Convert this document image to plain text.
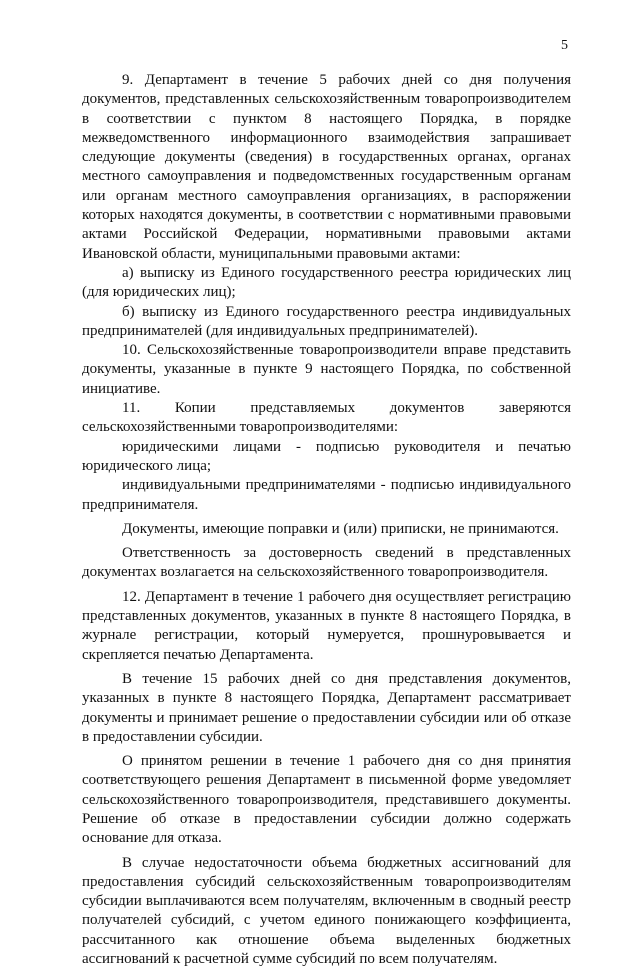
5

9. Департамент в течение 5 рабочих дней со дня получения документов, представленных сельскохозяйственным товаропроизводителем в соответствии с пунктом 8 настоящего Порядка, в порядке межведомственного информационного взаимодействия запрашивает следующие документы (сведения) в государственных органах, органах местного самоуправления и подведомственных государственным органам или органам местного самоуправления организациях, в распоряжении которых находятся документы, в соответствии с нормативными правовыми актами Российской Федерации, нормативными правовыми актами Ивановской области, муниципальными правовыми актами:

а) выписку из Единого государственного реестра юридических лиц (для юридических лиц);

б) выписку из Единого государственного реестра индивидуальных предпринимателей (для индивидуальных предпринимателей).

10. Сельскохозяйственные товаропроизводители вправе представить документы, указанные в пункте 9 настоящего Порядка, по собственной инициативе.

11. Копии представляемых документов заверяются сельскохозяйственными товаропроизводителями:

юридическими лицами - подписью руководителя и печатью юридического лица;

индивидуальными предпринимателями - подписью индивидуального предпринимателя.

Документы, имеющие поправки и (или) приписки, не принимаются.

Ответственность за достоверность сведений в представленных документах возлагается на сельскохозяйственного товаропроизводителя.

12. Департамент в течение 1 рабочего дня осуществляет регистрацию представленных документов, указанных в пункте 8 настоящего Порядка, в журнале регистрации, который нумеруется, прошнуровывается и скрепляется печатью Департамента.

В течение 15 рабочих дней со дня представления документов, указанных в пункте 8 настоящего Порядка, Департамент рассматривает документы и принимает решение о предоставлении субсидии или об отказе в предоставлении субсидии.

О принятом решении в течение 1 рабочего дня со дня принятия соответствующего решения Департамент в письменной форме уведомляет сельскохозяйственного товаропроизводителя, представившего документы. Решение об отказе в предоставлении субсидии должно содержать основание для отказа.

В случае недостаточности объема бюджетных ассигнований для предоставления субсидий сельскохозяйственным товаропроизводителям субсидии выплачиваются всем получателям, включенным в сводный реестр получателей субсидий, с учетом единого понижающего коэффициента, рассчитанного как отношение объема выделенных бюджетных ассигнований к расчетной сумме субсидий по всем получателям.
